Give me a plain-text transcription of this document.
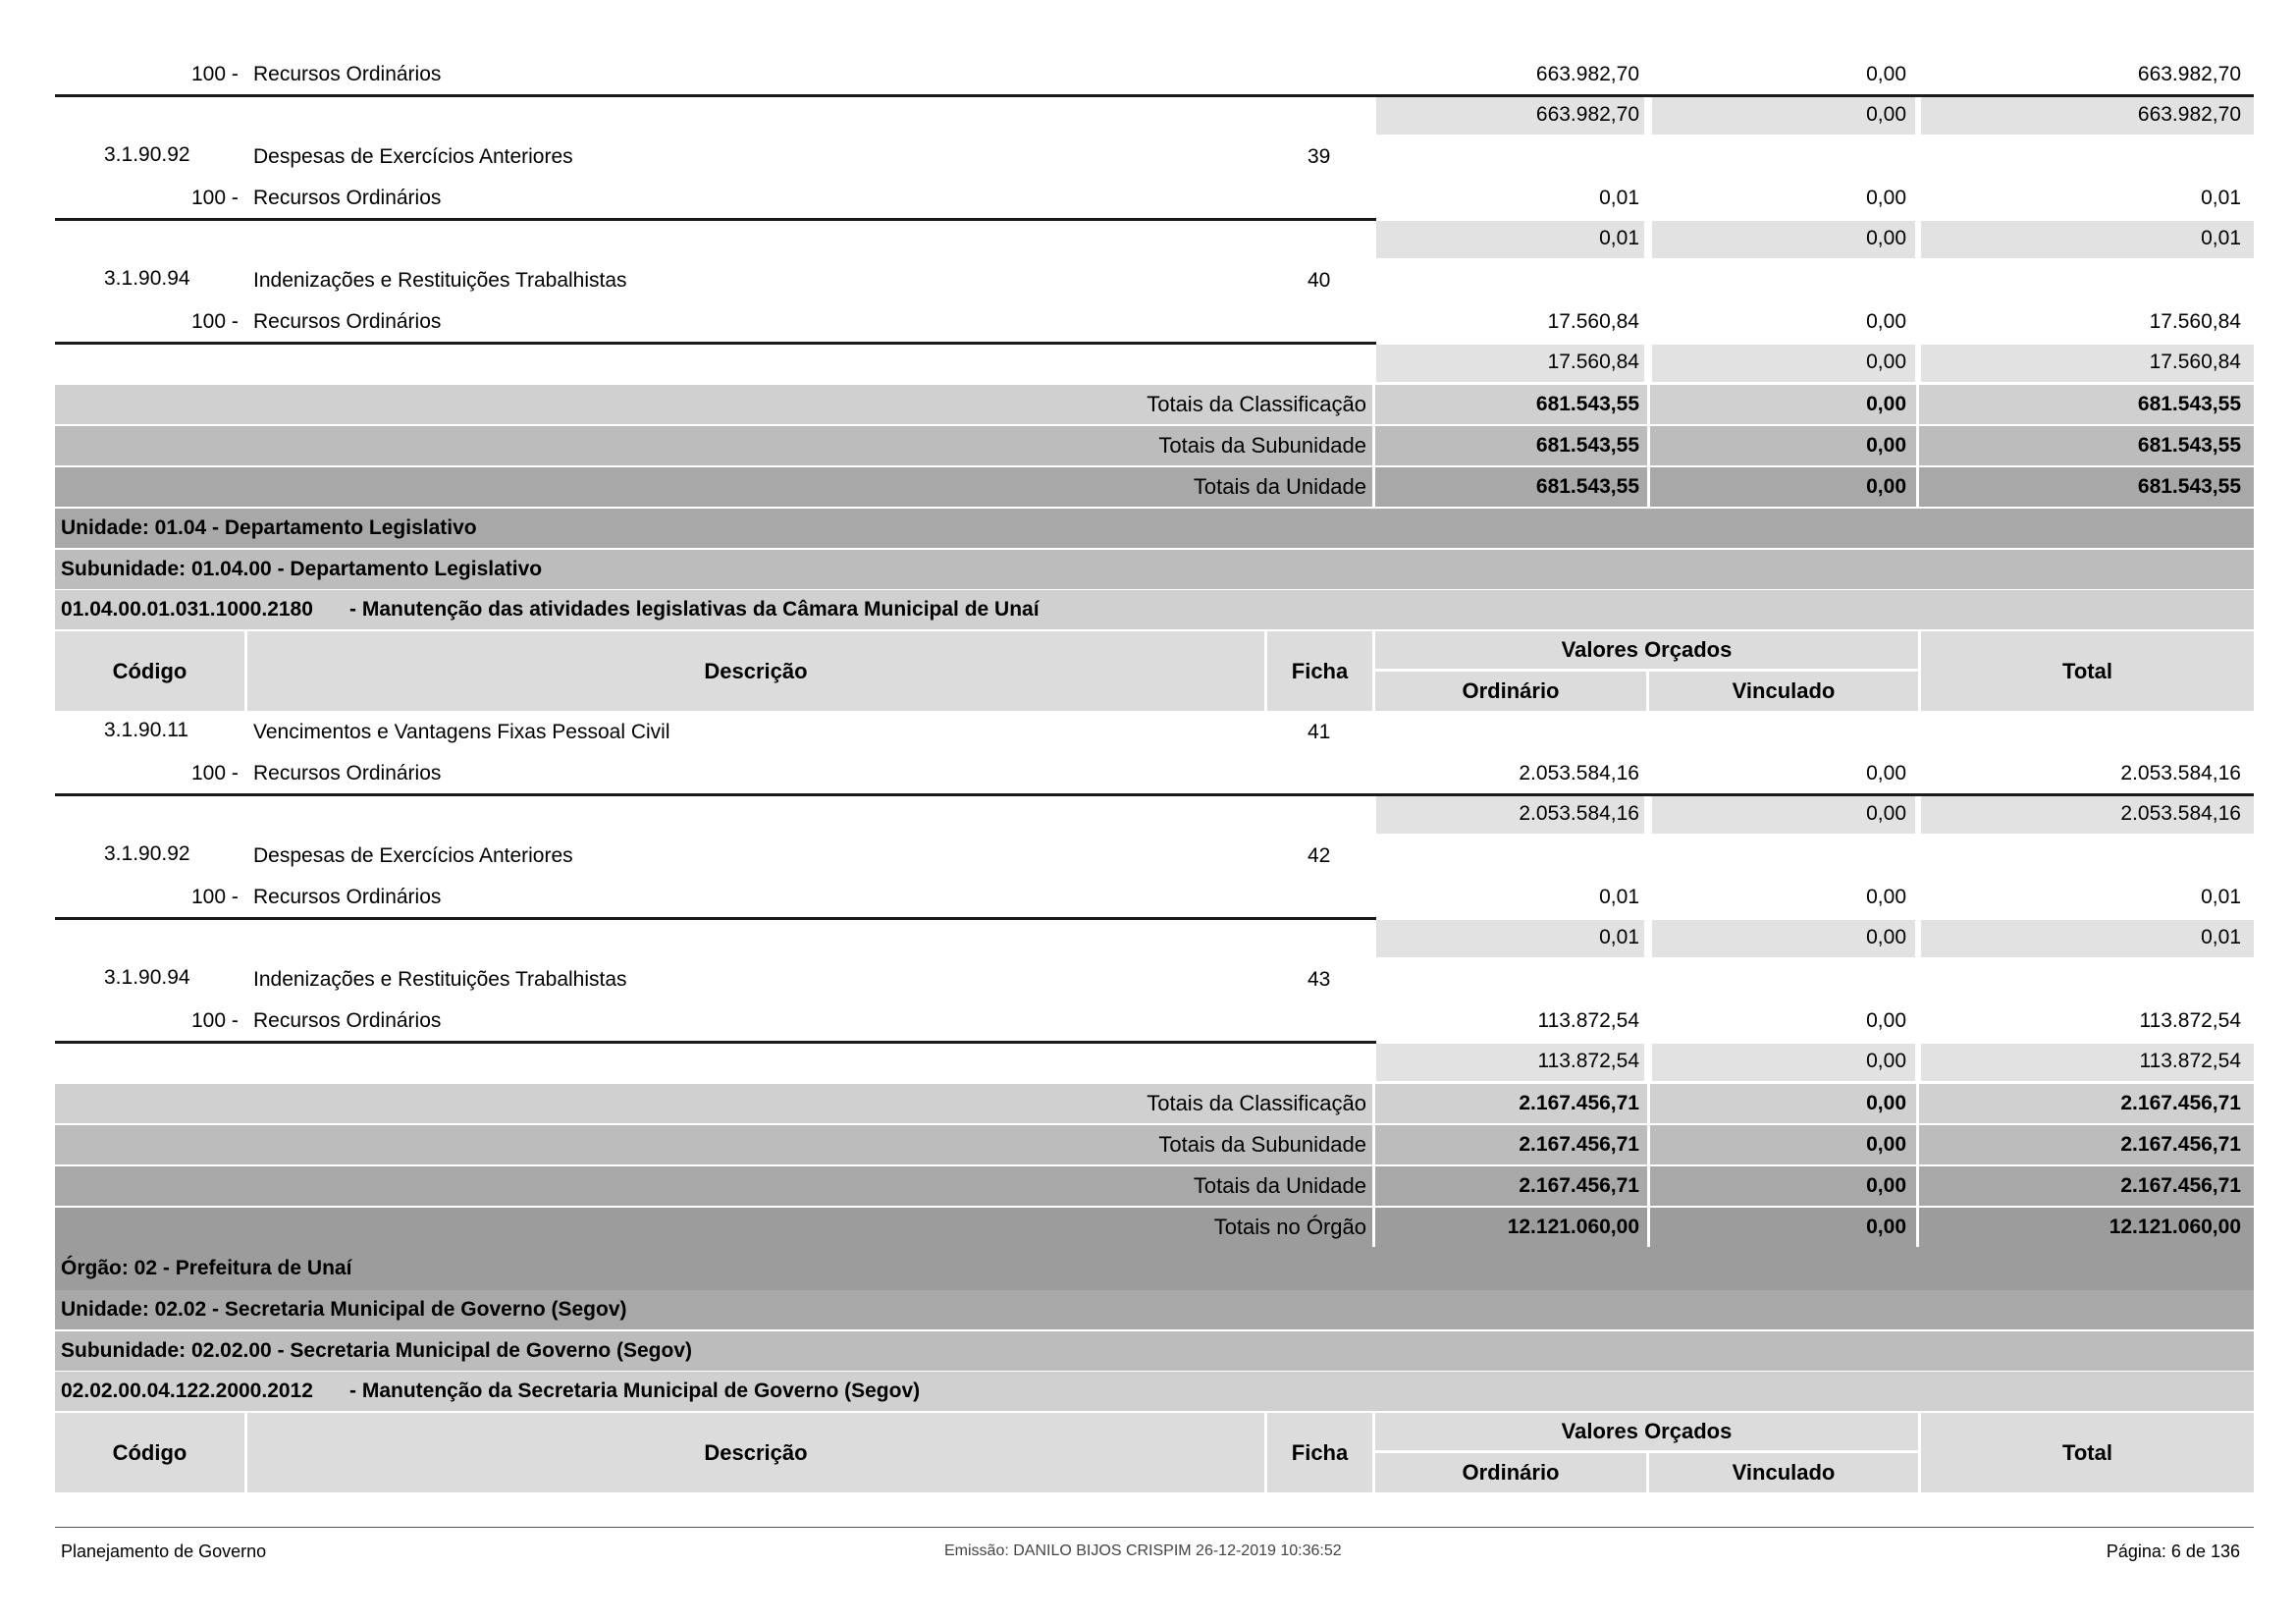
100 - Recursos Ordinários	663.982,70	0,00	663.982,70
663.982,70	0,00	663.982,70
3.1.90.92	Despesas de Exercícios Anteriores	39
100 - Recursos Ordinários	0,01	0,00	0,01
0,01	0,00	0,01
3.1.90.94	Indenizações e Restituições Trabalhistas	40
100 - Recursos Ordinários	17.560,84	0,00	17.560,84
17.560,84	0,00	17.560,84
Totais da Classificação	681.543,55	0,00	681.543,55
Totais da Subunidade	681.543,55	0,00	681.543,55
Totais da Unidade	681.543,55	0,00	681.543,55
Unidade: 01.04 - Departamento Legislativo
Subunidade: 01.04.00 - Departamento Legislativo
01.04.00.01.031.1000.2180 - Manutenção das atividades legislativas da Câmara Municipal de Unaí
Código	Descrição	Ficha
Valores Orçados
Ordinário	Vinculado
Total
3.1.90.11	Vencimentos e Vantagens Fixas Pessoal Civil	41
100 - Recursos Ordinários	2.053.584,16	0,00	2.053.584,16
2.053.584,16	0,00	2.053.584,16
3.1.90.92	Despesas de Exercícios Anteriores	42
100 - Recursos Ordinários	0,01	0,00	0,01
0,01	0,00	0,01
3.1.90.94	Indenizações e Restituições Trabalhistas	43
100 - Recursos Ordinários	113.872,54	0,00	113.872,54
113.872,54	0,00	113.872,54
Totais da Classificação	2.167.456,71	0,00	2.167.456,71
Totais da Subunidade	2.167.456,71	0,00	2.167.456,71
Totais da Unidade	2.167.456,71	0,00	2.167.456,71
Totais no Órgão	12.121.060,00	0,00	12.121.060,00
Órgão: 02 - Prefeitura de Unaí
Unidade: 02.02 - Secretaria Municipal de Governo (Segov)
Subunidade: 02.02.00 - Secretaria Municipal de Governo (Segov)
02.02.00.04.122.2000.2012 - Manutenção da Secretaria Municipal de Governo (Segov)
Código	Descrição	Ficha
Valores Orçados
Ordinário	Vinculado
Total
Planejamento de Governo	Emissão: DANILO BIJOS CRISPIM 26-12-2019 10:36:52	Página: 6 de 136
